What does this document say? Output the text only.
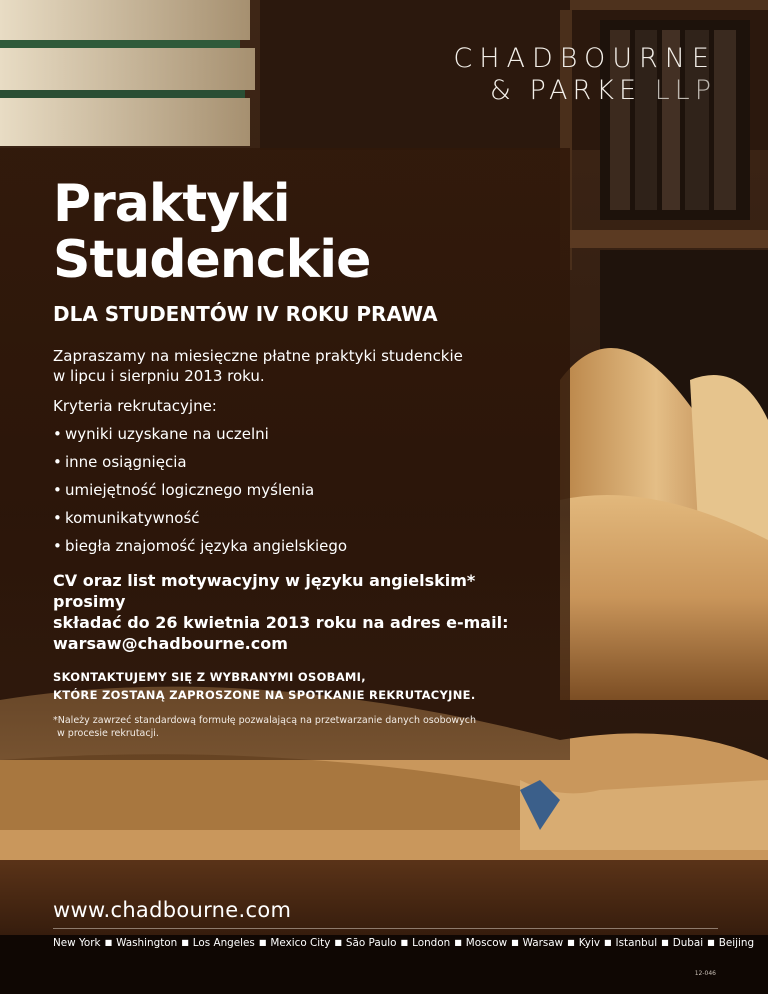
CHADBOURNE
& PARKE LLP
Praktyki
Studenckie
DLA STUDENTÓW IV ROKU PRAWA
Zapraszamy na miesięczne płatne praktyki studenckie
w lipcu i sierpniu 2013 roku.
Kryteria rekrutacyjne:
• wyniki uzyskane na uczelni
• inne osiągnięcia
• umiejętność logicznego myślenia
• komunikatywność
• biegła znajomość języka angielskiego
CV oraz list motywacyjny w języku angielskim* prosimy
składać do 26 kwietnia 2013 roku na adres e-mail:
warsaw@chadbourne.com
SKONTAKTUJEMY SIĘ Z WYBRANYMI OSOBAMI,
KTÓRE ZOSTANĄ ZAPROSZONE NA SPOTKANIE REKRUTACYJNE.
*Należy zawrzeć standardową formułę pozwalającą na przetwarzanie danych osobowych
w procesie rekrutacji.
www.chadbourne.com
New York ■ Washington ■ Los Angeles ■ Mexico City ■ São Paulo ■ London ■ Moscow ■ Warsaw ■ Kyiv ■ Istanbul ■ Dubai ■ Beijing
12-046
